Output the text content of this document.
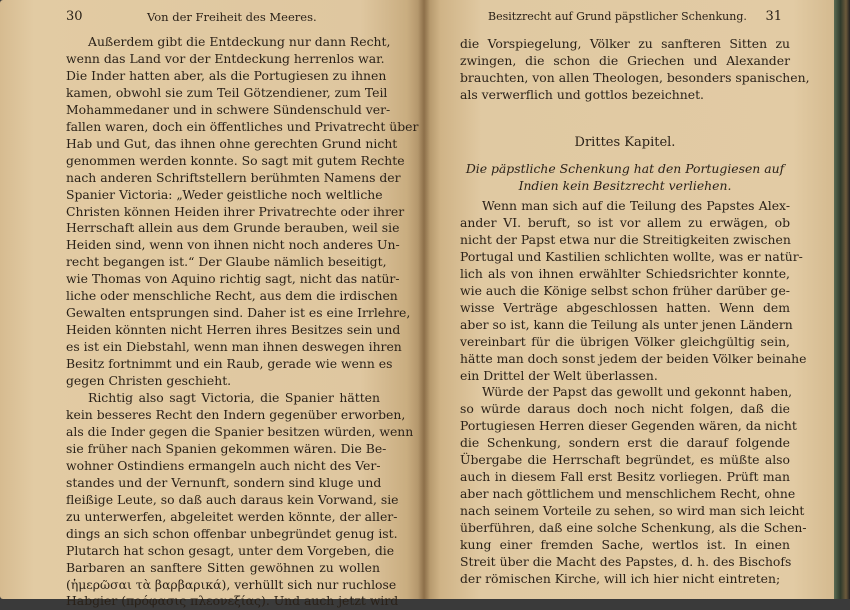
30	Von der Freiheit des Meeres.
Außerdem gibt die Entdeckung nur dann Recht,
wenn das Land vor der Entdeckung herrenlos war.
Die Inder hatten aber, als die Portugiesen zu ihnen
kamen, obwohl sie zum Teil Götzendiener, zum Teil
Mohammedaner und in schwere Sündenschuld ver-
fallen waren, doch ein öffentliches und Privatrecht über
Hab und Gut, das ihnen ohne gerechten Grund nicht
genommen werden konnte. So sagt mit gutem Rechte
nach anderen Schriftstellern berühmten Namens der
Spanier Victoria: „Weder geistliche noch weltliche
Christen können Heiden ihrer Privatrechte oder ihrer
Herrschaft allein aus dem Grunde berauben, weil sie
Heiden sind, wenn von ihnen nicht noch anderes Un-
recht begangen ist.“ Der Glaube nämlich beseitigt,
wie Thomas von Aquino richtig sagt, nicht das natür-
liche oder menschliche Recht, aus dem die irdischen
Gewalten entsprungen sind. Daher ist es eine Irrlehre,
Heiden könnten nicht Herren ihres Besitzes sein und
es ist ein Diebstahl, wenn man ihnen deswegen ihren
Besitz fortnimmt und ein Raub, gerade wie wenn es
gegen Christen geschieht.
Richtig also sagt Victoria, die Spanier hätten
kein besseres Recht den Indern gegenüber erworben,
als die Inder gegen die Spanier besitzen würden, wenn
sie früher nach Spanien gekommen wären. Die Be-
wohner Ostindiens ermangeln auch nicht des Ver-
standes und der Vernunft, sondern sind kluge und
fleißige Leute, so daß auch daraus kein Vorwand, sie
zu unterwerfen, abgeleitet werden könnte, der aller-
dings an sich schon offenbar unbegründet genug ist.
Plutarch hat schon gesagt, unter dem Vorgeben, die
Barbaren an sanftere Sitten gewöhnen zu wollen
(ἡμερῶσαι τὰ βαρβαρικά), verhüllt sich nur ruchlose
Habgier (πρόφασις πλεονεξίας). Und auch jetzt wird
Besitzrecht auf Grund päpstlicher Schenkung. 31
die Vorspiegelung, Völker zu sanfteren Sitten zu
zwingen, die schon die Griechen und Alexander
brauchten, von allen Theologen, besonders spanischen,
als verwerflich und gottlos bezeichnet.
Drittes Kapitel.
Die päpstliche Schenkung hat den Portugiesen auf
Indien kein Besitzrecht verliehen.
Wenn man sich auf die Teilung des Papstes Alex-
ander VI. beruft, so ist vor allem zu erwägen, ob
nicht der Papst etwa nur die Streitigkeiten zwischen
Portugal und Kastilien schlichten wollte, was er natür-
lich als von ihnen erwählter Schiedsrichter konnte,
wie auch die Könige selbst schon früher darüber ge-
wisse Verträge abgeschlossen hatten. Wenn dem
aber so ist, kann die Teilung als unter jenen Ländern
vereinbart für die übrigen Völker gleichgültig sein,
hätte man doch sonst jedem der beiden Völker beinahe
ein Drittel der Welt überlassen.
Würde der Papst das gewollt und gekonnt haben,
so würde daraus doch noch nicht folgen, daß die
Portugiesen Herren dieser Gegenden wären, da nicht
die Schenkung, sondern erst die darauf folgende
Übergabe die Herrschaft begründet, es müßte also
auch in diesem Fall erst Besitz vorliegen. Prüft man
aber nach göttlichem und menschlichem Recht, ohne
nach seinem Vorteile zu sehen, so wird man sich leicht
überführen, daß eine solche Schenkung, als die Schen-
kung einer fremden Sache, wertlos ist. In einen
Streit über die Macht des Papstes, d. h. des Bischofs
der römischen Kirche, will ich hier nicht eintreten;
